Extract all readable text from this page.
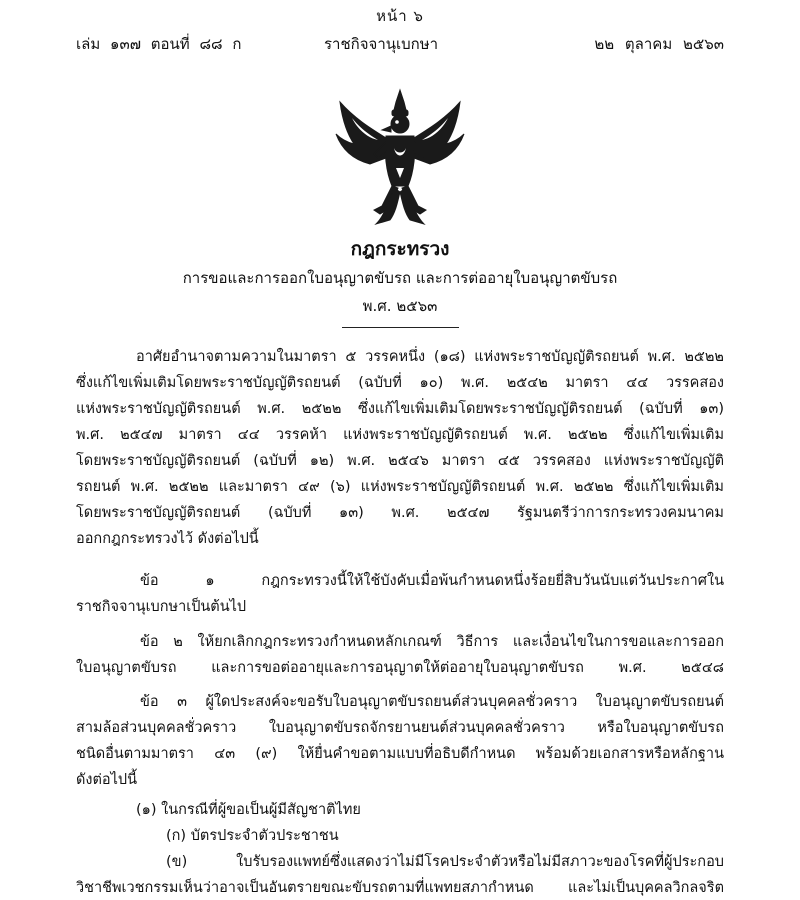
หน้า ๖
เล่ม ๑๓๗ ตอนที่ ๘๘ ก	ราชกิจจานุเบกษา	๒๒ ตุลาคม ๒๕๖๓
กฎกระทรวง
การขอและการออกใบอนุญาตขับรถ และการต่ออายุใบอนุญาตขับรถ
พ.ศ. ๒๕๖๓
อาศัยอำนาจตามความในมาตรา ๕ วรรคหนึ่ง (๑๘) แห่งพระราชบัญญัติรถยนต์ พ.ศ. ๒๕๒๒
ซึ่งแก้ไขเพิ่มเติมโดยพระราชบัญญัติรถยนต์ (ฉบับที่ ๑๐) พ.ศ. ๒๕๔๒ มาตรา ๔๔ วรรคสอง
แห่งพระราชบัญญัติรถยนต์ พ.ศ. ๒๕๒๒ ซึ่งแก้ไขเพิ่มเติมโดยพระราชบัญญัติรถยนต์ (ฉบับที่ ๑๓)
พ.ศ. ๒๕๔๗ มาตรา ๔๔ วรรคห้า แห่งพระราชบัญญัติรถยนต์ พ.ศ. ๒๕๒๒ ซึ่งแก้ไขเพิ่มเติม
โดยพระราชบัญญัติรถยนต์ (ฉบับที่ ๑๒) พ.ศ. ๒๕๔๖ มาตรา ๔๕ วรรคสอง แห่งพระราชบัญญัติ
รถยนต์ พ.ศ. ๒๕๒๒ และมาตรา ๔๙ (๖) แห่งพระราชบัญญัติรถยนต์ พ.ศ. ๒๕๒๒ ซึ่งแก้ไขเพิ่มเติม
โดยพระราชบัญญัติรถยนต์ (ฉบับที่ ๑๓) พ.ศ. ๒๕๔๗ รัฐมนตรีว่าการกระทรวงคมนาคม
ออกกฎกระทรวงไว้ ดังต่อไปนี้
ข้อ ๑ กฎกระทรวงนี้ให้ใช้บังคับเมื่อพ้นกำหนดหนึ่งร้อยยี่สิบวันนับแต่วันประกาศใน
ราชกิจจานุเบกษาเป็นต้นไป
ข้อ ๒ ให้ยกเลิกกฎกระทรวงกำหนดหลักเกณฑ์ วิธีการ และเงื่อนไขในการขอและการออก
ใบอนุญาตขับรถ และการขอต่ออายุและการอนุญาตให้ต่ออายุใบอนุญาตขับรถ พ.ศ. ๒๕๔๘
ข้อ ๓ ผู้ใดประสงค์จะขอรับใบอนุญาตขับรถยนต์ส่วนบุคคลชั่วคราว ใบอนุญาตขับรถยนต์
สามล้อส่วนบุคคลชั่วคราว ใบอนุญาตขับรถจักรยานยนต์ส่วนบุคคลชั่วคราว หรือใบอนุญาตขับรถ
ชนิดอื่นตามมาตรา ๔๓ (๙) ให้ยื่นคำขอตามแบบที่อธิบดีกำหนด พร้อมด้วยเอกสารหรือหลักฐาน
ดังต่อไปนี้
(๑) ในกรณีที่ผู้ขอเป็นผู้มีสัญชาติไทย
(ก) บัตรประจำตัวประชาชน
(ข) ใบรับรองแพทย์ซึ่งแสดงว่าไม่มีโรคประจำตัวหรือไม่มีสภาวะของโรคที่ผู้ประกอบ
วิชาชีพเวชกรรมเห็นว่าอาจเป็นอันตรายขณะขับรถตามที่แพทยสภากำหนด และไม่เป็นบุคคลวิกลจริต
